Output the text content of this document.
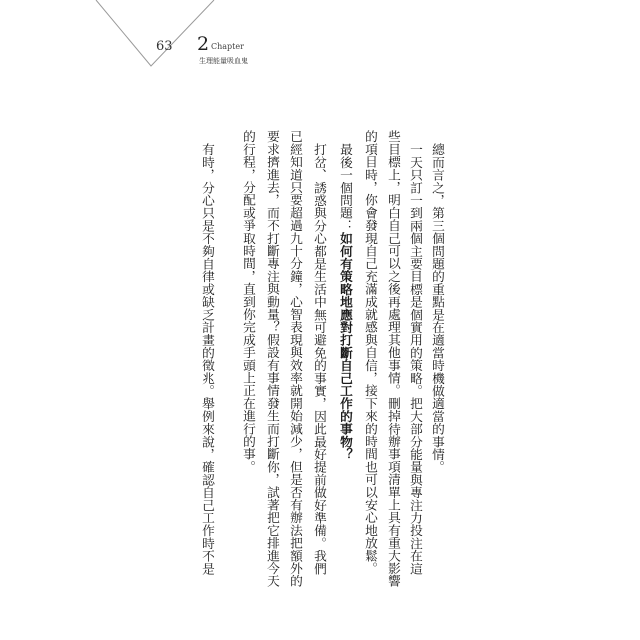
63 2 Chapter
生理能量吸血鬼
總而言之，第三個問題的重點是在適當時機做適當的事情。
一天只訂一到兩個主要目標是個實用的策略。把大部分能量與專注力投注在這
些目標上，明白自己可以之後再處理其他事情。刪掉待辦事項清單上具有重大影響
的項目時，你會發現自己充滿成就感與自信，接下來的時間也可以安心地放鬆。
最後一個問題：如何有策略地應對打斷自己工作的事物？
打岔、誘惑與分心都是生活中無可避免的事實，因此最好提前做好準備。我們
已經知道只要超過九十分鐘，心智表現與效率就開始減少，但是否有辦法把額外的
要求擠進去，而不打斷專注與動量？假設有事情發生而打斷你，試著把它排進今天
的行程，分配或爭取時間，直到你完成手頭上正在進行的事。
有時，分心只是不夠自律或缺乏計畫的徵兆。舉例來說，確認自己工作時不是
